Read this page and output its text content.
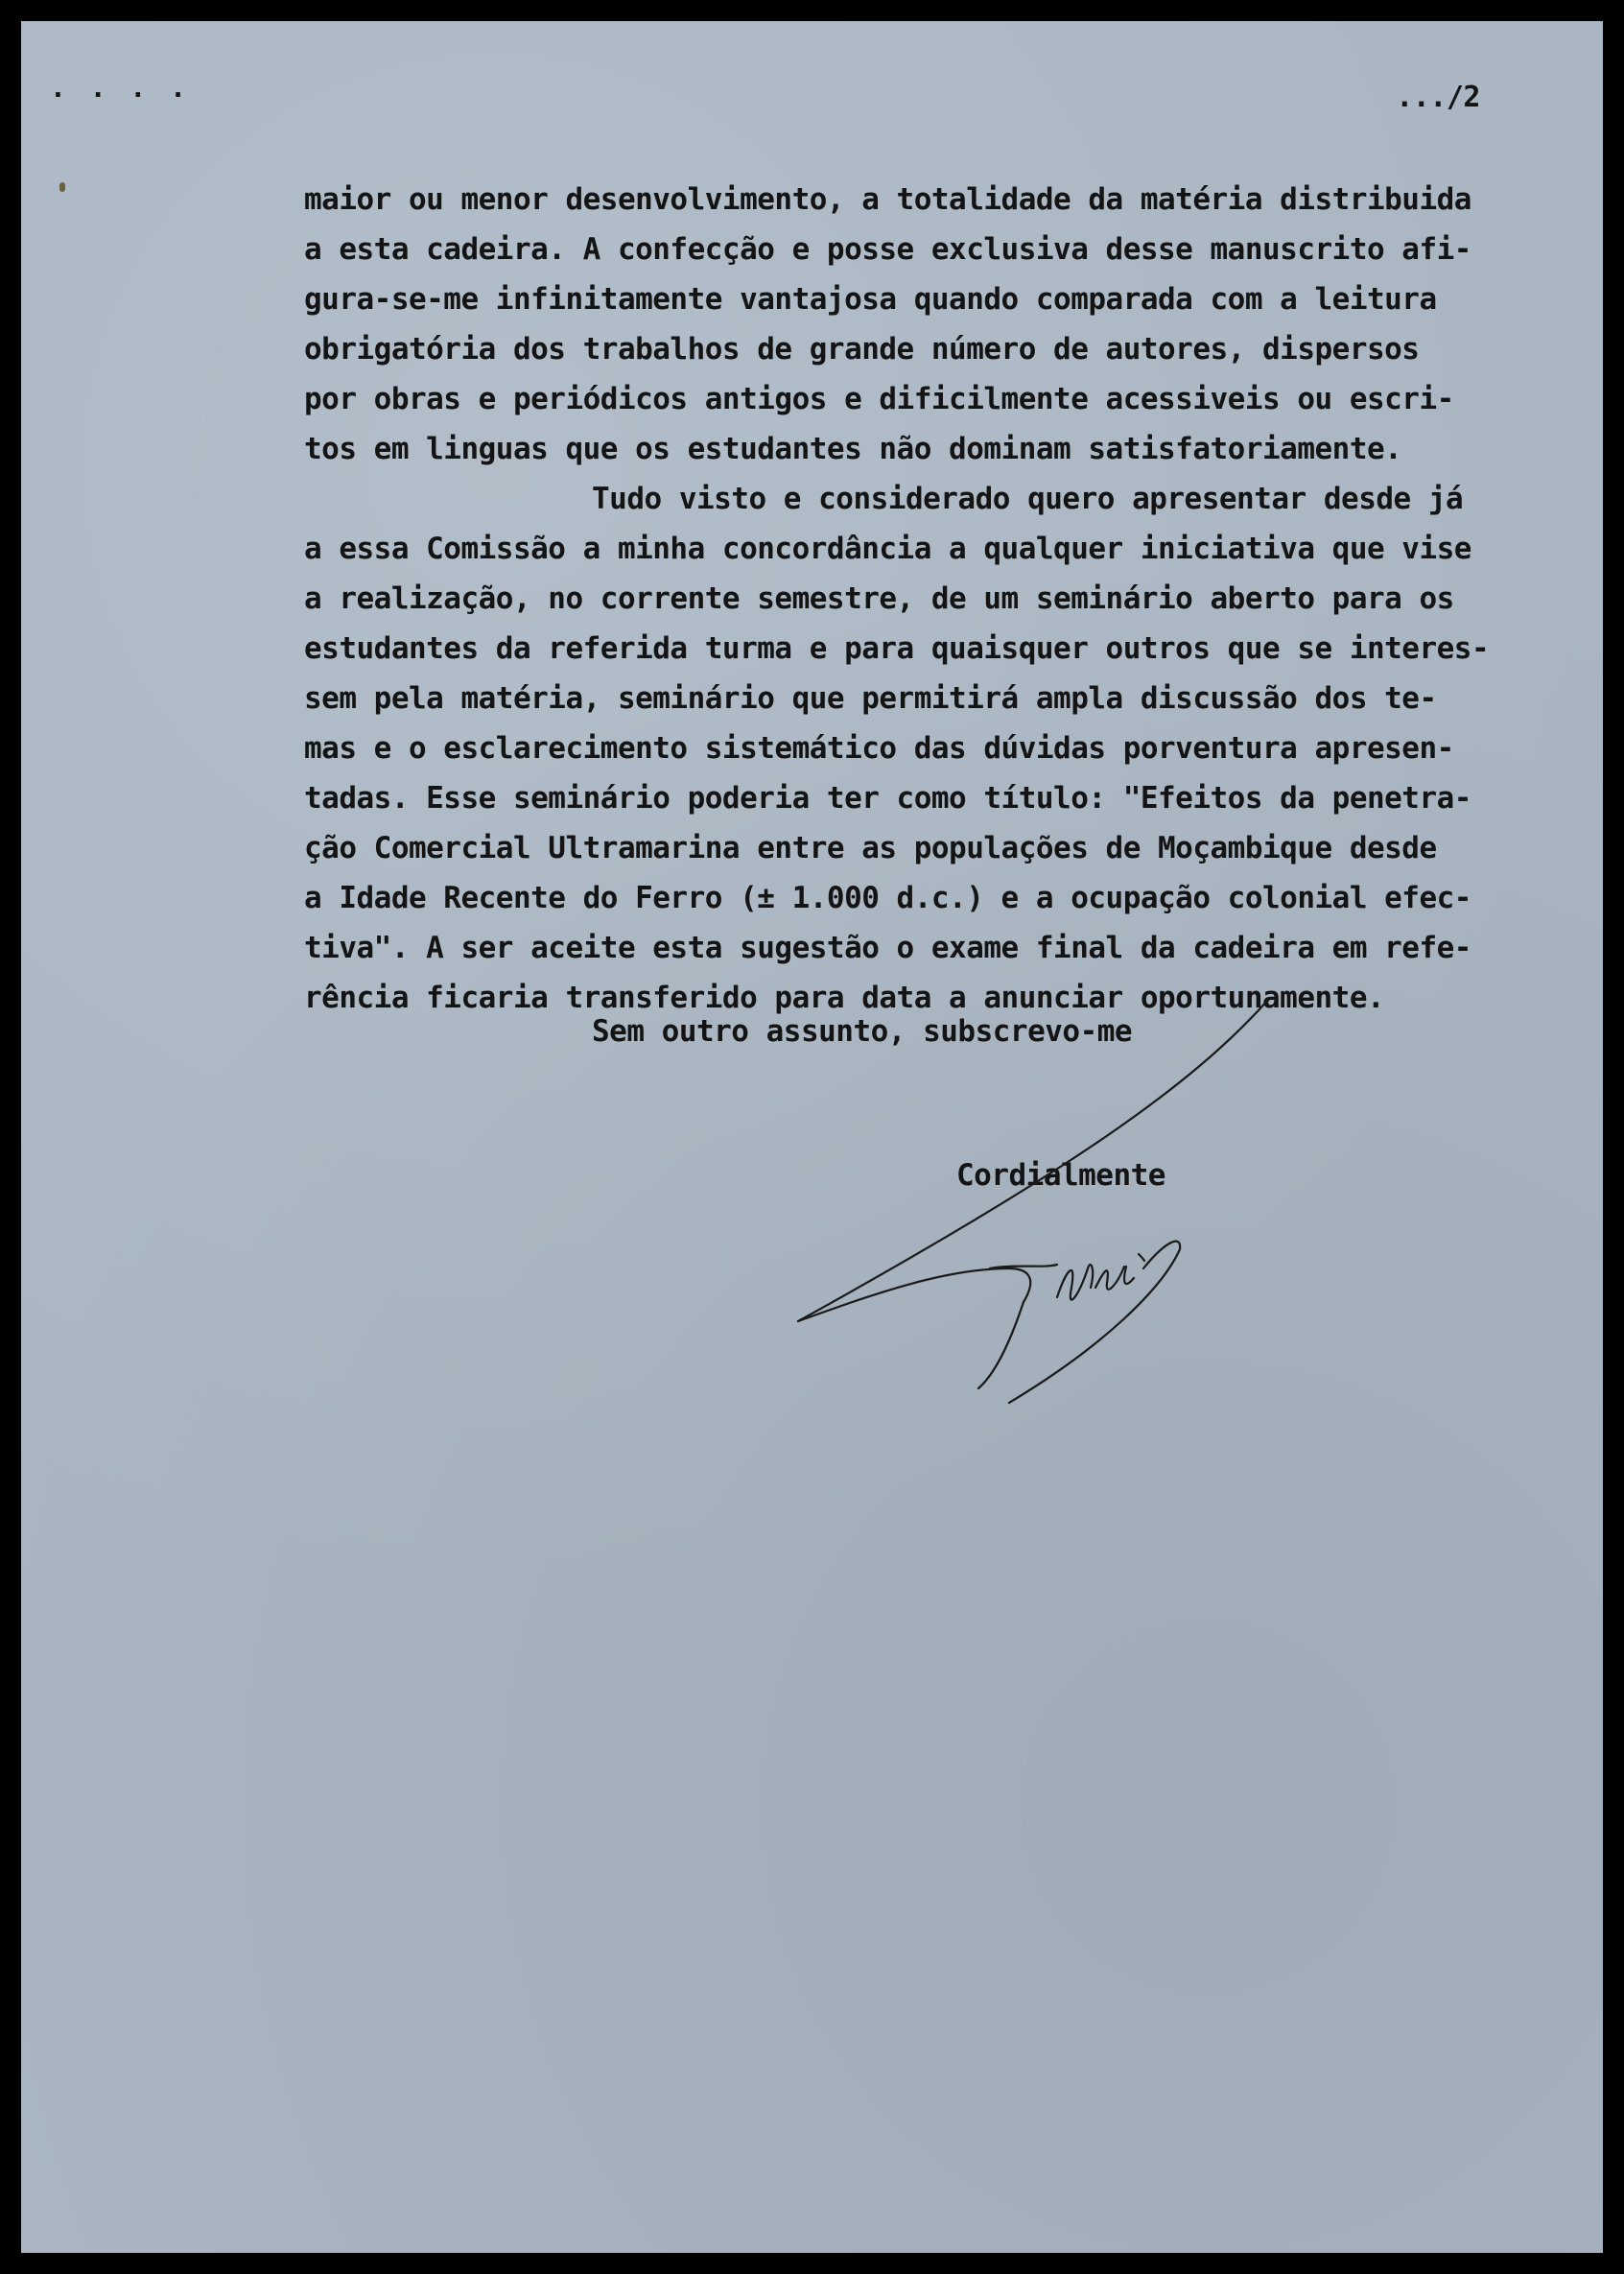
· · · ·	.../2
maior ou menor desenvolvimento, a totalidade da matéria distribuida
a esta cadeira. A confecção e posse exclusiva desse manuscrito afi-
gura-se-me infinitamente vantajosa quando comparada com a leitura
obrigatória dos trabalhos de grande número de autores, dispersos
por obras e periódicos antigos e dificilmente acessiveis ou escri-
tos em linguas que os estudantes não dominam satisfatoriamente.
Tudo visto e considerado quero apresentar desde já
a essa Comissão a minha concordância a qualquer iniciativa que vise
a realização, no corrente semestre, de um seminário aberto para os
estudantes da referida turma e para quaisquer outros que se interes-
sem pela matéria, seminário que permitirá ampla discussão dos te-
mas e o esclarecimento sistemático das dúvidas porventura apresen-
tadas. Esse seminário poderia ter como título: "Efeitos da penetra-
ção Comercial Ultramarina entre as populações de Moçambique desde
a Idade Recente do Ferro (± 1.000 d.c.) e a ocupação colonial efec-
tiva". A ser aceite esta sugestão o exame final da cadeira em refe-
rência ficaria transferido para data a anunciar oportunamente.
Sem outro assunto, subscrevo-me
Cordialmente
